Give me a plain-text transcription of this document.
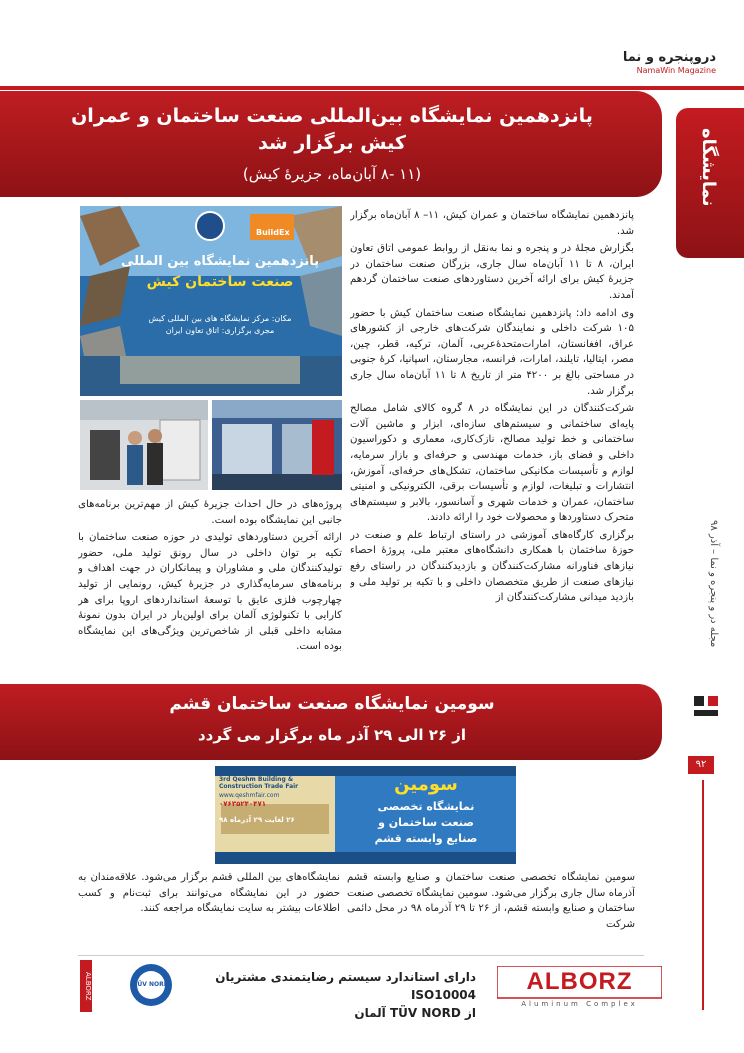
دروپنجره و نما
NamaWin Magazine
پانزدهمین نمایشگاه بین‌المللی صنعت ساختمان و عمران کیش برگزار شد
(۱۱ -۸ آبان‌ماه، جزیرهٔ کیش)	نمایشگاه

پانزدهمین نمایشگاه ساختمان و عمران کیش، ۱۱– ۸ آبان‌ماه برگزار شد.

بگزارش مجلهٔ در و پنجره و نما به‌نقل از روابط عمومی اتاق تعاون ایران، ۸ تا ۱۱ آبان‌ماه سال جاری، بزرگان صنعت ساختمان در جزیرهٔ کیش برای ارائه آخرین دستاوردهای صنعت ساختمان گردهم آمدند.

وی ادامه داد: پانزدهمین نمایشگاه صنعت ساختمان کیش با حضور ۱۰۵ شرکت داخلی و نمایندگان شرکت‌های خارجی از کشورهای عراق، افغانستان، امارات‌متحدهٔ‌عربی، آلمان، ترکیه، قطر، چین، مصر، ایتالیا، تایلند، امارات، فرانسه، مجارستان، اسپانیا، کرهٔ جنوبی در مساحتی بالغ بر ۴۲۰۰ متر از تاریخ ۸ تا ۱۱ آبان‌ماه سال جاری برگزار شد.

شرکت‌کنندگان در این نمایشگاه در ۸ گروه کالای شامل مصالح پایه‌ای ساختمانی و سیستم‌های سازه‌ای، ابزار و ماشین آلات ساختمانی و خط تولید مصالح، نازک‌کاری، معماری و دکوراسیون داخلی و فضای باز، خدمات مهندسی و حرفه‌ای و بازار سرمایه، لوازم و تأسیسات مکانیکی ساختمان، تشکل‌های حرفه‌ای، آموزش، انتشارات و تبلیغات، لوازم و تأسیسات برقی، الکترونیکی و امنیتی ساختمان، عمران و خدمات شهری و آسانسور، بالابر و سیستم‌های متحرک دستاوردها و محصولات خود را ارائه دادند.

برگزاری کارگاه‌های آموزشی در راستای ارتباط علم و صنعت در حوزهٔ ساختمان با همکاری دانشگاه‌های معتبر ملی، پروژهٔ احصاء نیازهای فناورانه مشارکت‌کنندگان و بازدیدکنندگان در راستای رفع نیازهای صنعت از طریق متخصصان داخلی و با تکیه بر تولید ملی و بازدید میدانی مشارکت‌کنندگان از

BuildEx
پانزدهمین نمایشگاه بین المللی
صنعت ساختمان کیش
مکان: مرکز نمایشگاه های بین المللی کیش
مجری برگزاری: اتاق تعاون ایران

پروژه‌های در حال احداث جزیرهٔ کیش از مهم‌ترین برنامه‌های جانبی این نمایشگاه بوده است.

ارائه آخرین دستاوردهای تولیدی در حوزه صنعت ساختمان با تکیه بر توان داخلی در سال رونق تولید ملی، حضور تولیدکنندگان ملی و مشاوران و پیمانکاران در جهت اهداف و برنامه‌های سرمایه‌گذاری در جزیرهٔ کیش، رونمایی از تولید چهارچوب فلزی عایق با توسعهٔ استانداردهای اروپا برای هر کارایی با تکنولوژی آلمان برای اولین‌بار در ایران بدون نمونهٔ مشابه داخلی قبلی از شاخص‌ترین ویژگی‌های این نمایشگاه بوده است.

مجله در و پنجره و نما – آذر ۹۸
۹۲
سومین نمایشگاه صنعت ساختمان قشم
از ۲۶ الی ۲۹ آذر ماه برگزار می گردد
3rd Qeshm Building & Construction Trade Fair
www.qeshmfair.com
۰۷۶۳۵۲۴۰۴۷۱
۲۶ لغایت ۲۹ آذرماه ۹۸
سومین
نمایشگاه تخصصی
صنعت ساختمان و
صنایع وابسته قشم
سومین نمایشگاه تخصصی صنعت ساختمان و صنایع وابسته قشم آذرماه سال جاری برگزار می‌شود. سومین نمایشگاه تخصصی صنعت ساختمان و صنایع وابسته قشم، از ۲۶ تا ۲۹ آذرماه ۹۸ در محل دائمی شرکت
نمایشگاه‌های بین المللی قشم برگزار می‌شود. علاقه‌مندان به حضور در این نمایشگاه می‌توانند برای ثبت‌نام و کسب اطلاعات بیشتر به سایت نمایشگاه مراجعه کنند.
ALBORZ
Aluminum Complex
دارای استاندارد سیستم رضایتمندی مشتریان ISO10004
از TÜV NORD آلمان
TÜV NORD
ALBORZ
